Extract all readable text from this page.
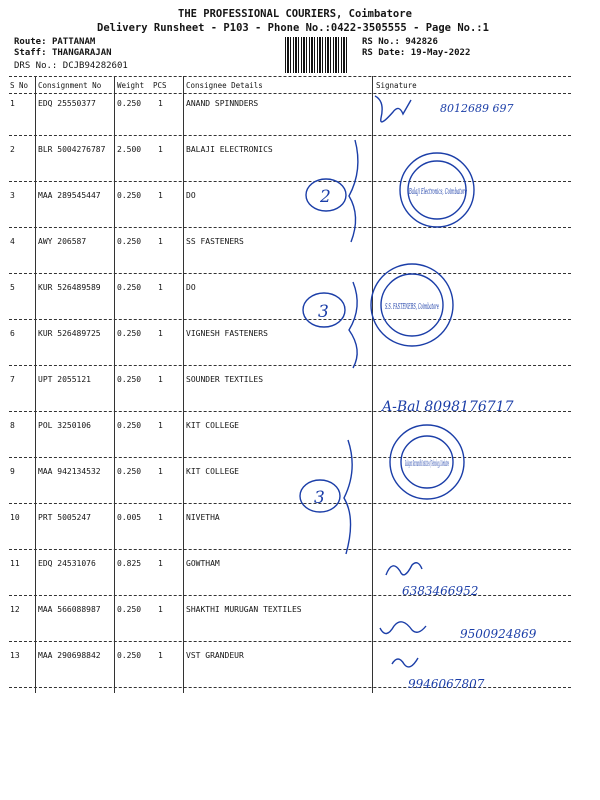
THE PROFESSIONAL COURIERS, Coimbatore
Delivery Runsheet - P103 - Phone No.:0422-3505555 - Page No.:1
Route: PATTANAM
Staff: THANGARAJAN
DRS No.: DCJB94282601
RS No.: 942826
RS Date: 19-May-2022
S No Consignment No Weight PCS	Consignee Details	Signature
1	EDQ 25550377	0.250 1	ANAND SPINNDERS
2	BLR 5004276787 2.500 1	BALAJI ELECTRONICS
3	MAA 289545447 0.250 1	DO
4	AWY 206587	0.250 1	SS FASTENERS
5	KUR 526489589 0.250 1	DO
6	KUR 526489725 0.250 1	VIGNESH FASTENERS
7	UPT 2055121	0.250 1	SOUNDER TEXTILES
8	POL 3250106	0.250 1	KIT COLLEGE
9	MAA 942134532 0.250 1	KIT COLLEGE
10 PRT 5005247	0.005 1	NIVETHA
11 EDQ 24531076	0.825 1	GOWTHAM
12 MAA 566088987 0.250 1	SHAKTHI MURUGAN TEXTILES
13 MAA 290698842 0.250 1	VST GRANDEUR
8012689 697
2
3
3
Balaji Electronics, Coimbatore
S.S. FASTENERS, Coimbatore
A-Bal 8098176717
Kalaignar Karunanidhi Institute of Technology, Coimbatore
6383466952
9500924869
9946067807
